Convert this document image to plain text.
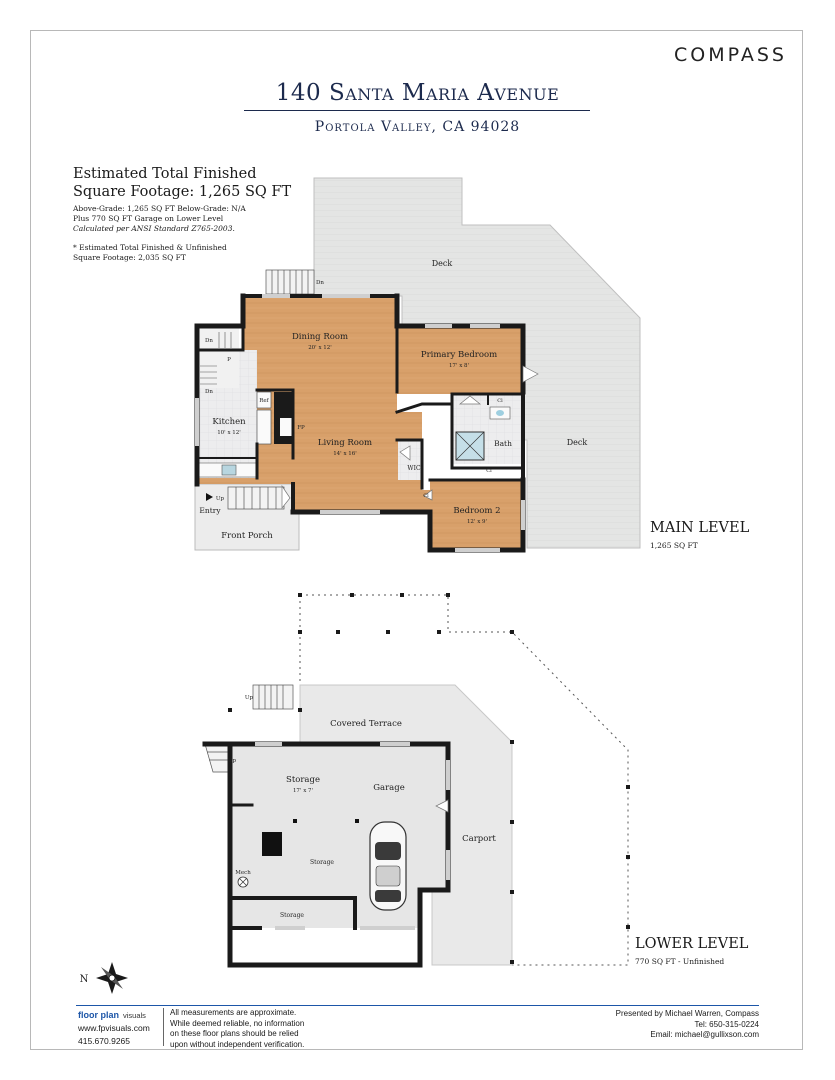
COMPASS
140 Santa Maria Avenue
Portola Valley, CA 94028
Estimated Total Finished
Square Footage: 1,265 SQ FT
Above-Grade: 1,265 SQ FT Below-Grade: N/A
Plus 770 SQ FT Garage on Lower Level
Calculated per ANSI Standard Z765-2003.
* Estimated Total Finished & Unfinished
Square Footage: 2,035 SQ FT
Deck
Deck
Dining Room
20' x 12'
Primary Bedroom
17' x 8'
Kitchen
10' x 12'
Living Room
14' x 16'
Bath
WIC
Bedroom 2
12' x 9'
Entry
Front Porch
Ref
FP
Cl
Cl
Cl
P
Dn
Dn
Dn
Up
Covered Terrace
Storage
17' x 7'	Garage
Storage
Storage
Carport
Mech
Up
Up
N
MAIN LEVEL
1,265 SQ FT
LOWER LEVEL
770 SQ FT - Unfinished
floor plan visuals
www.fpvisuals.com
415.670.9265
All measurements are approximate.
While deemed reliable, no information
on these floor plans should be relied
upon without independent verification.
Presented by Michael Warren, Compass
Tel: 650-315-0224
Email: michael@gullixson.com
